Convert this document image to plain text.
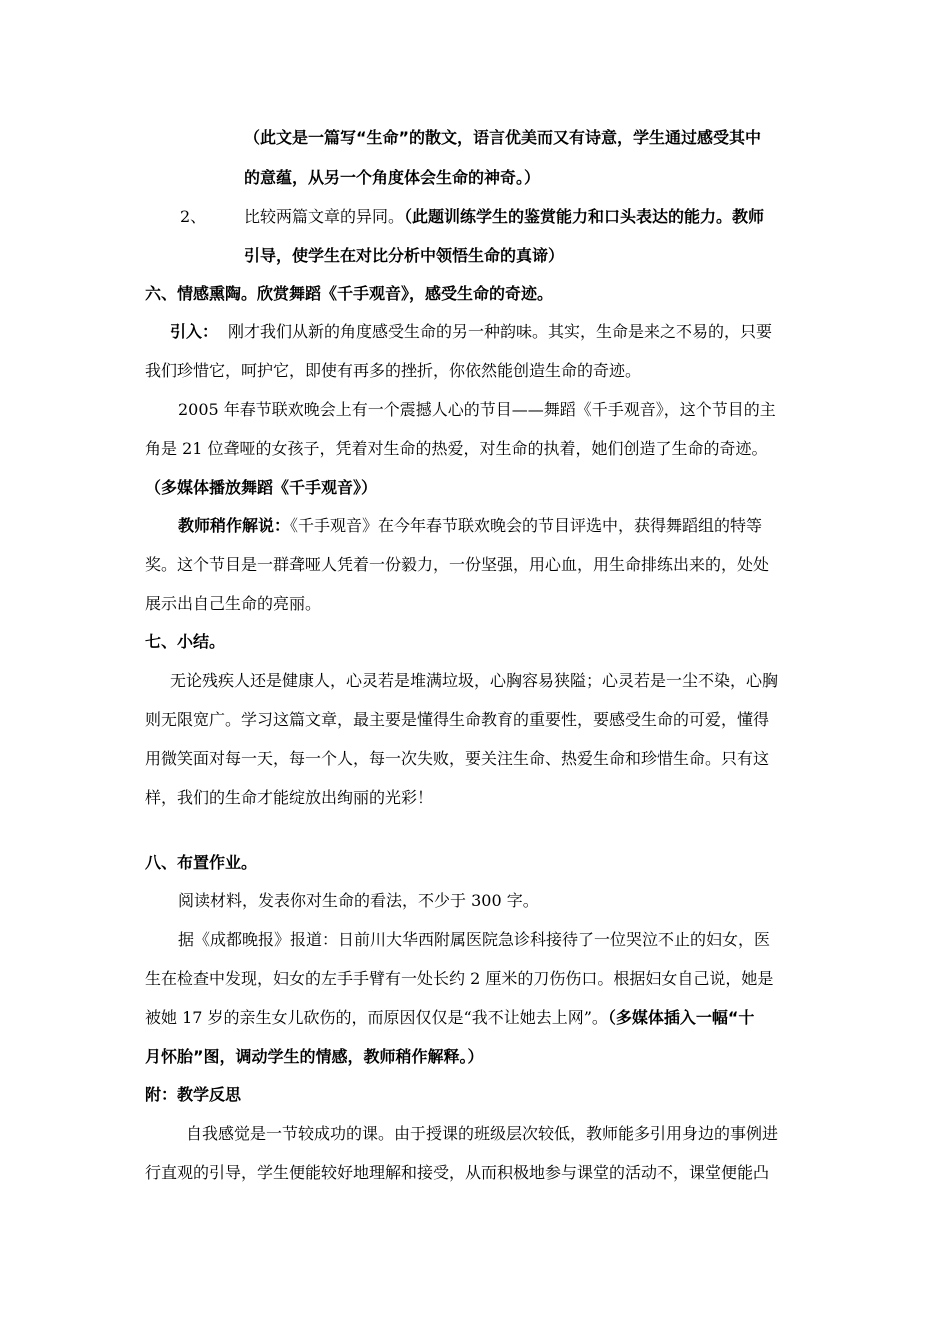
（此文是一篇写“生命”的散文，语言优美而又有诗意，学生通过感受其中
的意蕴，从另一个角度体会生命的神奇。）
2、 比较两篇文章的异同。（此题训练学生的鉴赏能力和口头表达的能力。教师
引导，使学生在对比分析中领悟生命的真谛）
六、情感熏陶。欣赏舞蹈《千手观音》，感受生命的奇迹。
引入： 刚才我们从新的角度感受生命的另一种韵味。其实，生命是来之不易的，只要
我们珍惜它，呵护它，即使有再多的挫折，你依然能创造生命的奇迹。
2005 年春节联欢晚会上有一个震撼人心的节目——舞蹈《千手观音》，这个节目的主
角是 21 位聋哑的女孩子，凭着对生命的热爱，对生命的执着，她们创造了生命的奇迹。
（多媒体播放舞蹈《千手观音》）
教师稍作解说：《千手观音》在今年春节联欢晚会的节目评选中，获得舞蹈组的特等
奖。这个节目是一群聋哑人凭着一份毅力，一份坚强，用心血，用生命排练出来的，处处
展示出自己生命的亮丽。
七、小结。
无论残疾人还是健康人，心灵若是堆满垃圾，心胸容易狭隘；心灵若是一尘不染，心胸
则无限宽广。学习这篇文章，最主要是懂得生命教育的重要性，要感受生命的可爱，懂得
用微笑面对每一天，每一个人，每一次失败，要关注生命、热爱生命和珍惜生命。只有这
样，我们的生命才能绽放出绚丽的光彩！
八、布置作业。
阅读材料，发表你对生命的看法，不少于 300 字。
据《成都晚报》报道：日前川大华西附属医院急诊科接待了一位哭泣不止的妇女，医
生在检查中发现，妇女的左手手臂有一处长约 2 厘米的刀伤伤口。根据妇女自己说，她是
被她 17 岁的亲生女儿砍伤的，而原因仅仅是“我不让她去上网”。（多媒体插入一幅“十
月怀胎”图，调动学生的情感，教师稍作解释。）
附：教学反思
自我感觉是一节较成功的课。由于授课的班级层次较低，教师能多引用身边的事例进
行直观的引导，学生便能较好地理解和接受，从而积极地参与课堂的活动不，课堂便能凸
